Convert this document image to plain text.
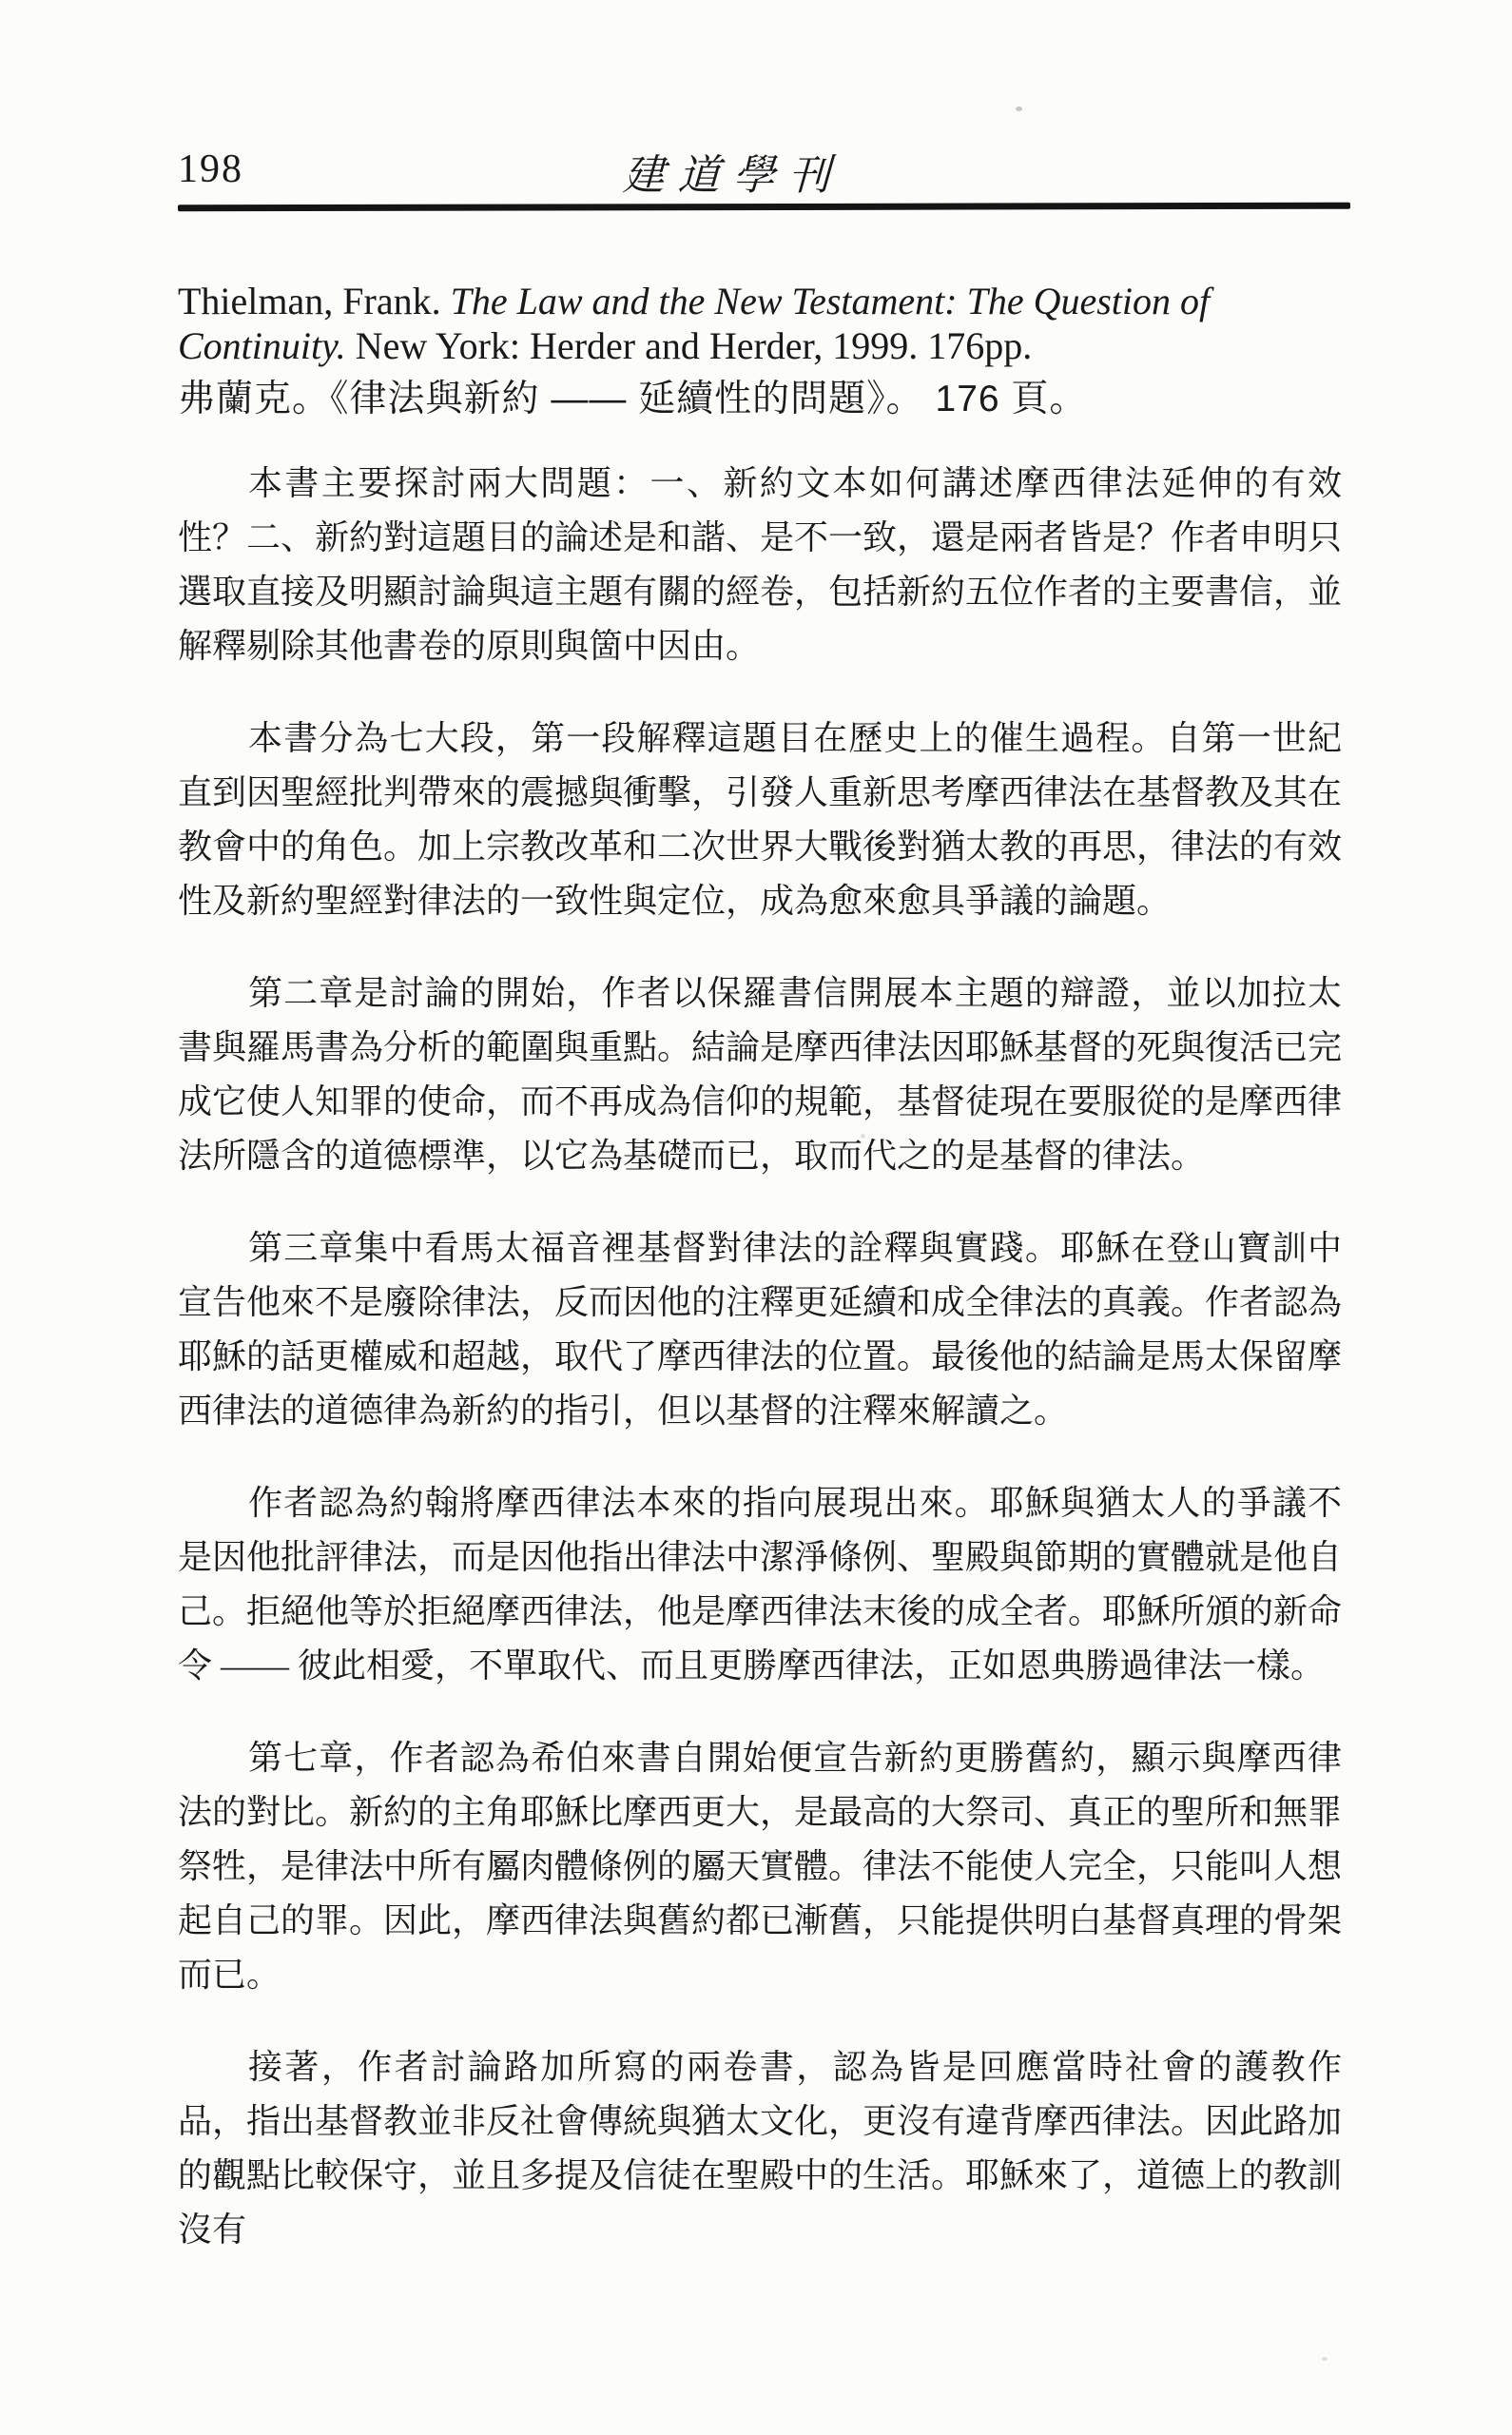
198	建道學刊
Thielman, Frank. The Law and the New Testament: The Question of Continuity. New York: Herder and Herder, 1999. 176pp.
弗蘭克。《律法與新約 —— 延續性的問題》。 176 頁。

本書主要探討兩大問題：一、新約文本如何講述摩西律法延伸的有效性？二、新約對這題目的論述是和諧、是不一致，還是兩者皆是？作者申明只選取直接及明顯討論與這主題有關的經卷，包括新約五位作者的主要書信，並解釋剔除其他書卷的原則與箇中因由。

本書分為七大段，第一段解釋這題目在歷史上的催生過程。自第一世紀直到因聖經批判帶來的震撼與衝擊，引發人重新思考摩西律法在基督教及其在教會中的角色。加上宗教改革和二次世界大戰後對猶太教的再思，律法的有效性及新約聖經對律法的一致性與定位，成為愈來愈具爭議的論題。

第二章是討論的開始，作者以保羅書信開展本主題的辯證，並以加拉太書與羅馬書為分析的範圍與重點。結論是摩西律法因耶穌基督的死與復活已完成它使人知罪的使命，而不再成為信仰的規範，基督徒現在要服從的是摩西律法所隱含的道德標準，以它為基礎而已，取而代之的是基督的律法。

第三章集中看馬太福音裡基督對律法的詮釋與實踐。耶穌在登山寶訓中宣告他來不是廢除律法，反而因他的注釋更延續和成全律法的真義。作者認為耶穌的話更權威和超越，取代了摩西律法的位置。最後他的結論是馬太保留摩西律法的道德律為新約的指引，但以基督的注釋來解讀之。

作者認為約翰將摩西律法本來的指向展現出來。耶穌與猶太人的爭議不是因他批評律法，而是因他指出律法中潔淨條例、聖殿與節期的實體就是他自己。拒絕他等於拒絕摩西律法，他是摩西律法末後的成全者。耶穌所頒的新命令 —— 彼此相愛，不單取代、而且更勝摩西律法，正如恩典勝過律法一樣。

第七章，作者認為希伯來書自開始便宣告新約更勝舊約，顯示與摩西律法的對比。新約的主角耶穌比摩西更大，是最高的大祭司、真正的聖所和無罪祭牲，是律法中所有屬肉體條例的屬天實體。律法不能使人完全，只能叫人想起自己的罪。因此，摩西律法與舊約都已漸舊，只能提供明白基督真理的骨架而已。

接著，作者討論路加所寫的兩卷書，認為皆是回應當時社會的護教作品，指出基督教並非反社會傳統與猶太文化，更沒有違背摩西律法。因此路加的觀點比較保守，並且多提及信徒在聖殿中的生活。耶穌來了，道德上的教訓沒有
